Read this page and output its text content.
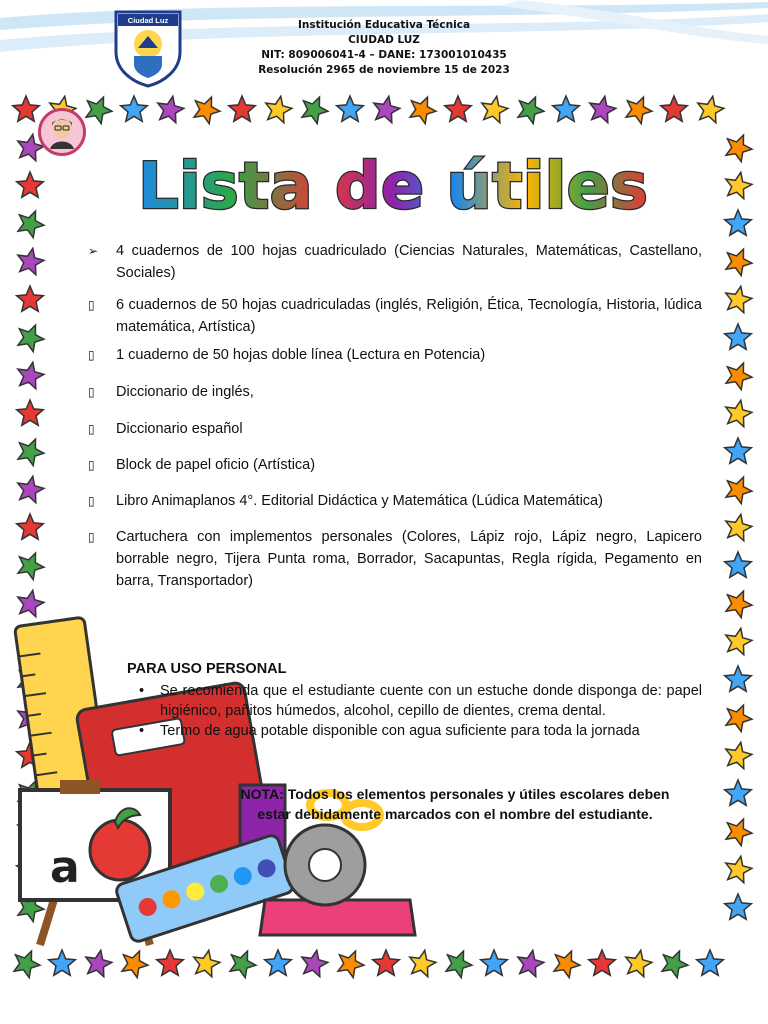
Ciudad Luz	Institución Educativa Técnica
CIUDAD LUZ
NIT: 809006041-4 – DANE: 173001010435
Resolución 2965 de noviembre 15 de 2023
Lista de útiles
➢ 4 cuadernos de 100 hojas cuadriculado (Ciencias Naturales, Matemáticas, Castellano, Sociales)
▯ 6 cuadernos de 50 hojas cuadriculadas (inglés, Religión, Ética, Tecnología, Historia, lúdica matemática, Artística)
▯ 1 cuaderno de 50 hojas doble línea (Lectura en Potencia)
▯ Diccionario de inglés,
▯ Diccionario español
▯ Block de papel oficio (Artística)
▯ Libro Animaplanos 4°. Editorial Didáctica y Matemática (Lúdica Matemática)
▯ Cartuchera con implementos personales (Colores, Lápiz rojo, Lápiz negro, Lapicero borrable negro, Tijera Punta roma, Borrador, Sacapuntas, Regla rígida, Pegamento en barra, Transportador)
a
PARA USO PERSONAL
• Se recomienda que el estudiante cuente con un estuche donde disponga de: papel higiénico, pañitos húmedos, alcohol, cepillo de dientes, crema dental.
• Termo de agua potable disponible con agua suficiente para toda la jornada
NOTA: Todos los elementos personales y útiles escolares deben estar debidamente marcados con el nombre del estudiante.
